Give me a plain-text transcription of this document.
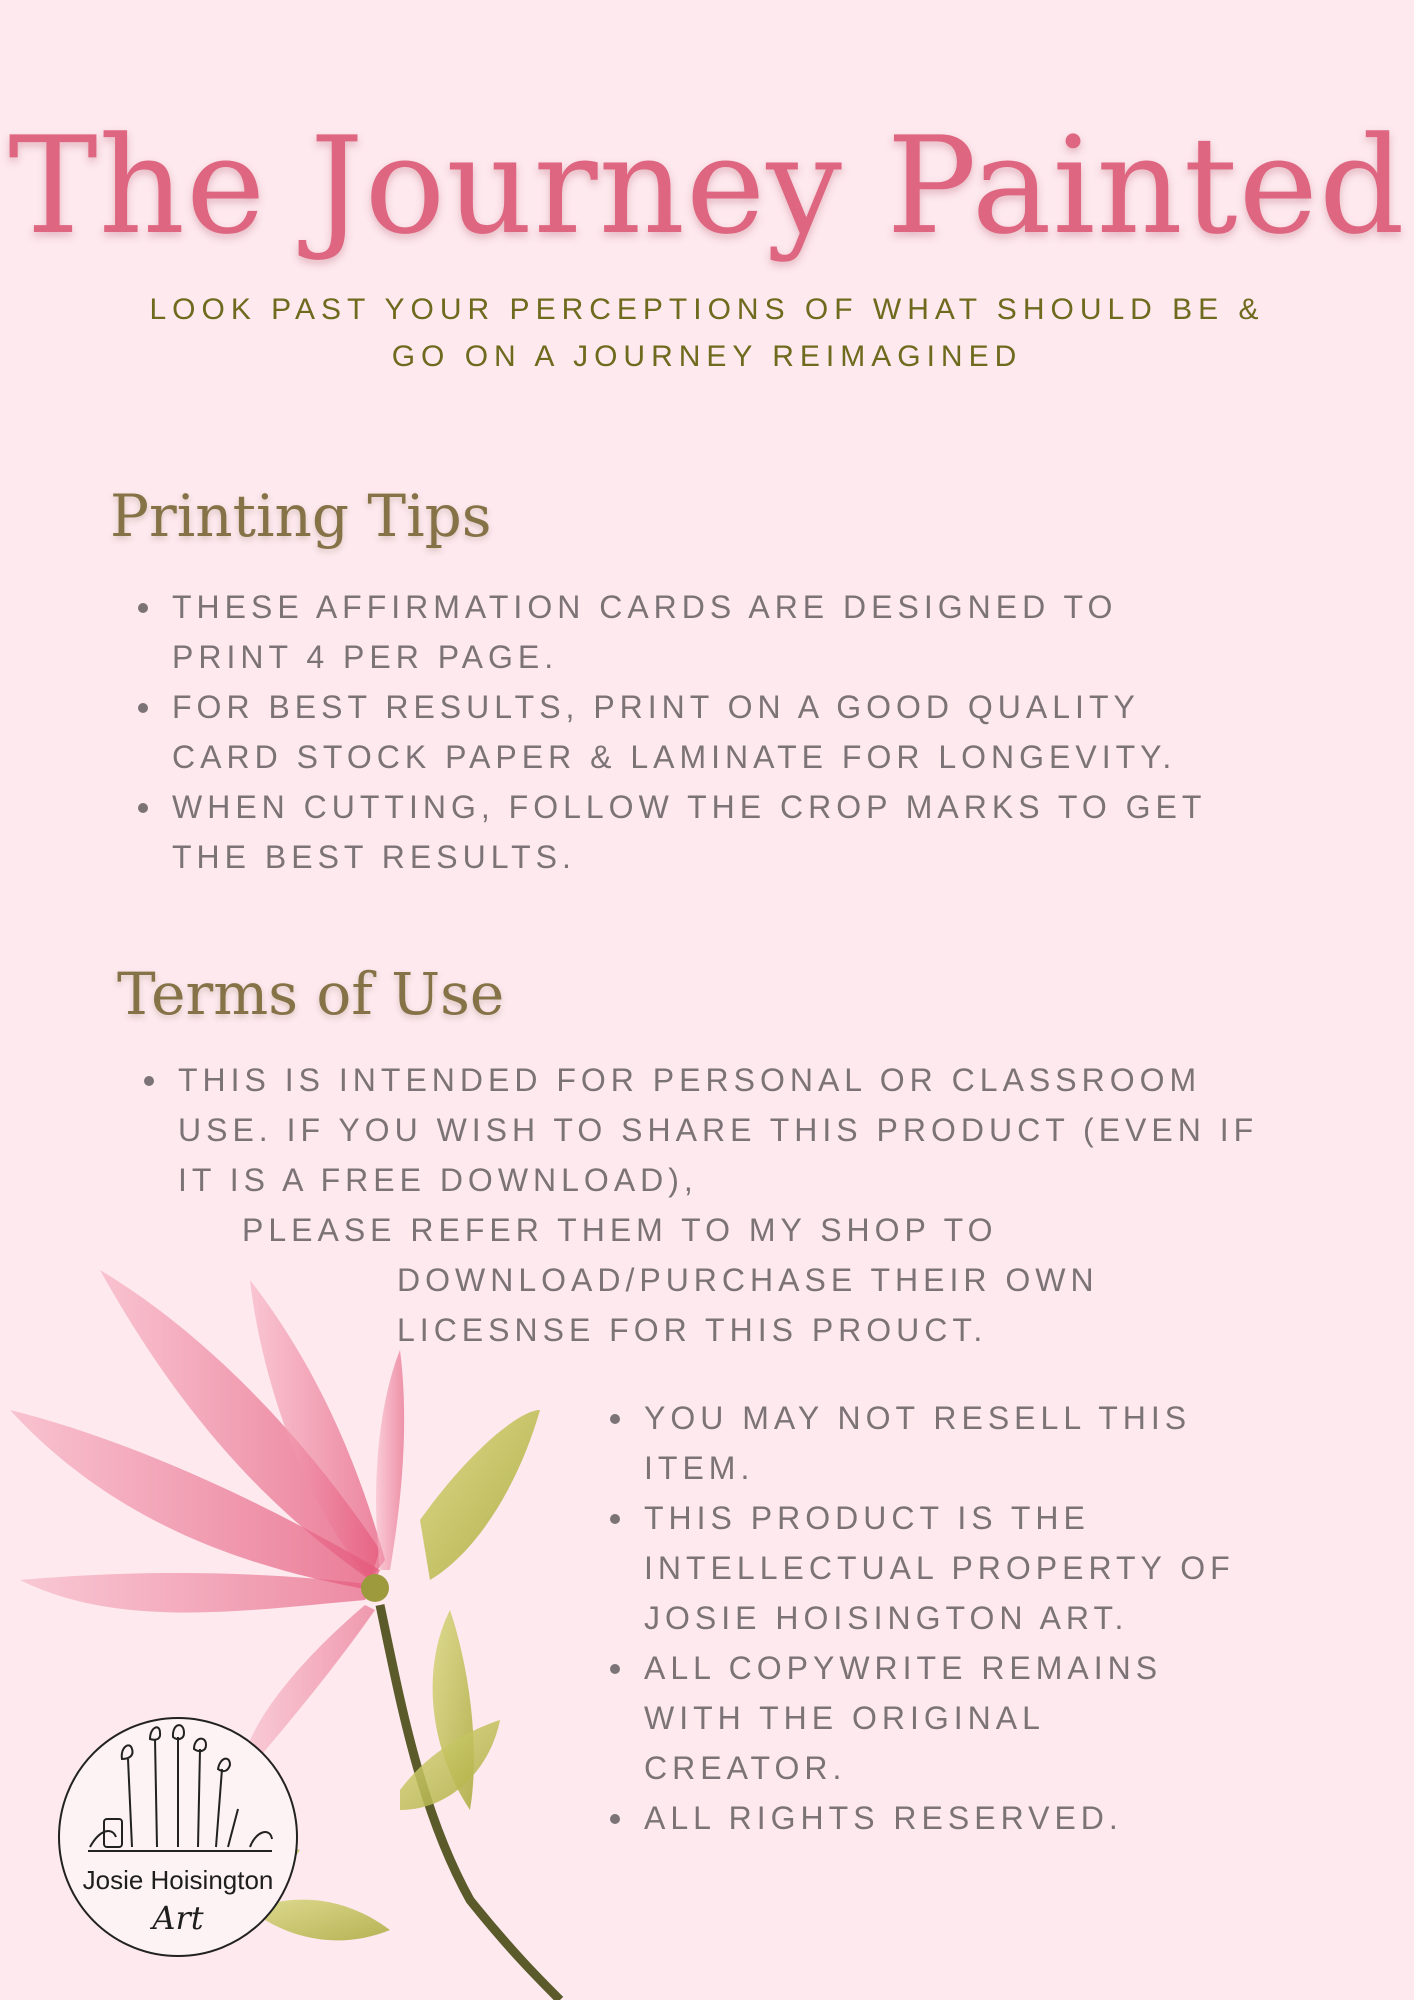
The Journey Painted
LOOK PAST YOUR PERCEPTIONS OF WHAT SHOULD BE &
GO ON A JOURNEY REIMAGINED
Printing Tips
THESE AFFIRMATION CARDS ARE DESIGNED TO
PRINT 4 PER PAGE.
FOR BEST RESULTS, PRINT ON A GOOD QUALITY
CARD STOCK PAPER & LAMINATE FOR LONGEVITY.
WHEN CUTTING, FOLLOW THE CROP MARKS TO GET
THE BEST RESULTS.
Terms of Use
THIS IS INTENDED FOR PERSONAL OR CLASSROOM
USE. IF YOU WISH TO SHARE THIS PRODUCT (EVEN IF
IT IS A FREE DOWNLOAD),
PLEASE REFER THEM TO MY SHOP TO
DOWNLOAD/PURCHASE THEIR OWN
LICESNSE FOR THIS PROUCT.
YOU MAY NOT RESELL THIS
ITEM.
THIS PRODUCT IS THE
INTELLECTUAL PROPERTY OF
JOSIE HOISINGTON ART.
ALL COPYWRITE REMAINS
WITH THE ORIGINAL
CREATOR.
ALL RIGHTS RESERVED.
Josie Hoisington
Art
